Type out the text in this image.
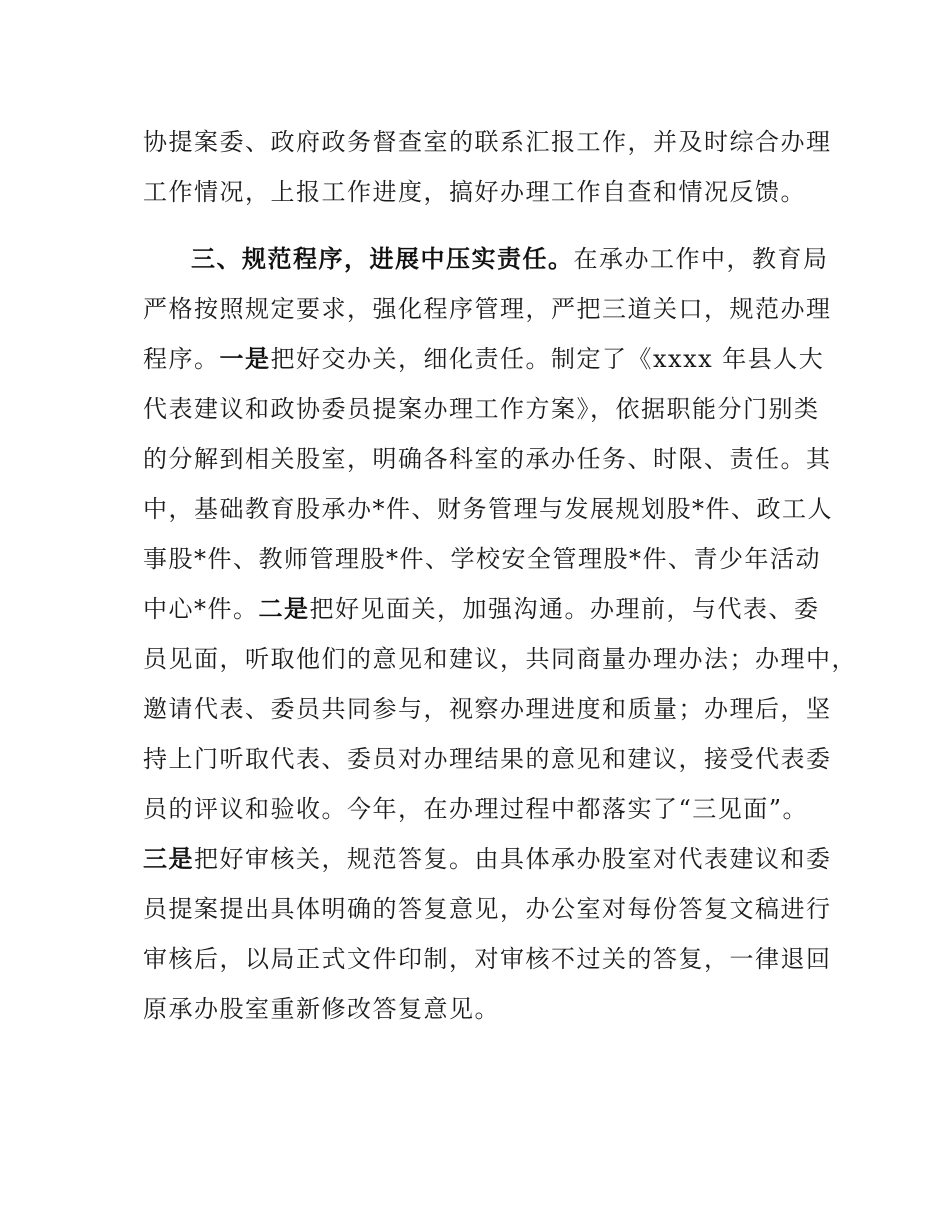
协提案委、政府政务督查室的联系汇报工作，并及时综合办理
工作情况，上报工作进度，搞好办理工作自查和情况反馈。
三、规范程序，进展中压实责任。在承办工作中，教育局
严格按照规定要求，强化程序管理，严把三道关口，规范办理
程序。一是把好交办关，细化责任。制定了《xxxx 年县人大
代表建议和政协委员提案办理工作方案》，依据职能分门别类
的分解到相关股室，明确各科室的承办任务、时限、责任。其
中，基础教育股承办*件、财务管理与发展规划股*件、政工人
事股*件、教师管理股*件、学校安全管理股*件、青少年活动
中心*件。二是把好见面关，加强沟通。办理前，与代表、委
员见面，听取他们的意见和建议，共同商量办理办法；办理中，
邀请代表、委员共同参与，视察办理进度和质量；办理后，坚
持上门听取代表、委员对办理结果的意见和建议，接受代表委
员的评议和验收。今年，在办理过程中都落实了“三见面”。
三是把好审核关，规范答复。由具体承办股室对代表建议和委
员提案提出具体明确的答复意见，办公室对每份答复文稿进行
审核后，以局正式文件印制，对审核不过关的答复，一律退回
原承办股室重新修改答复意见。
